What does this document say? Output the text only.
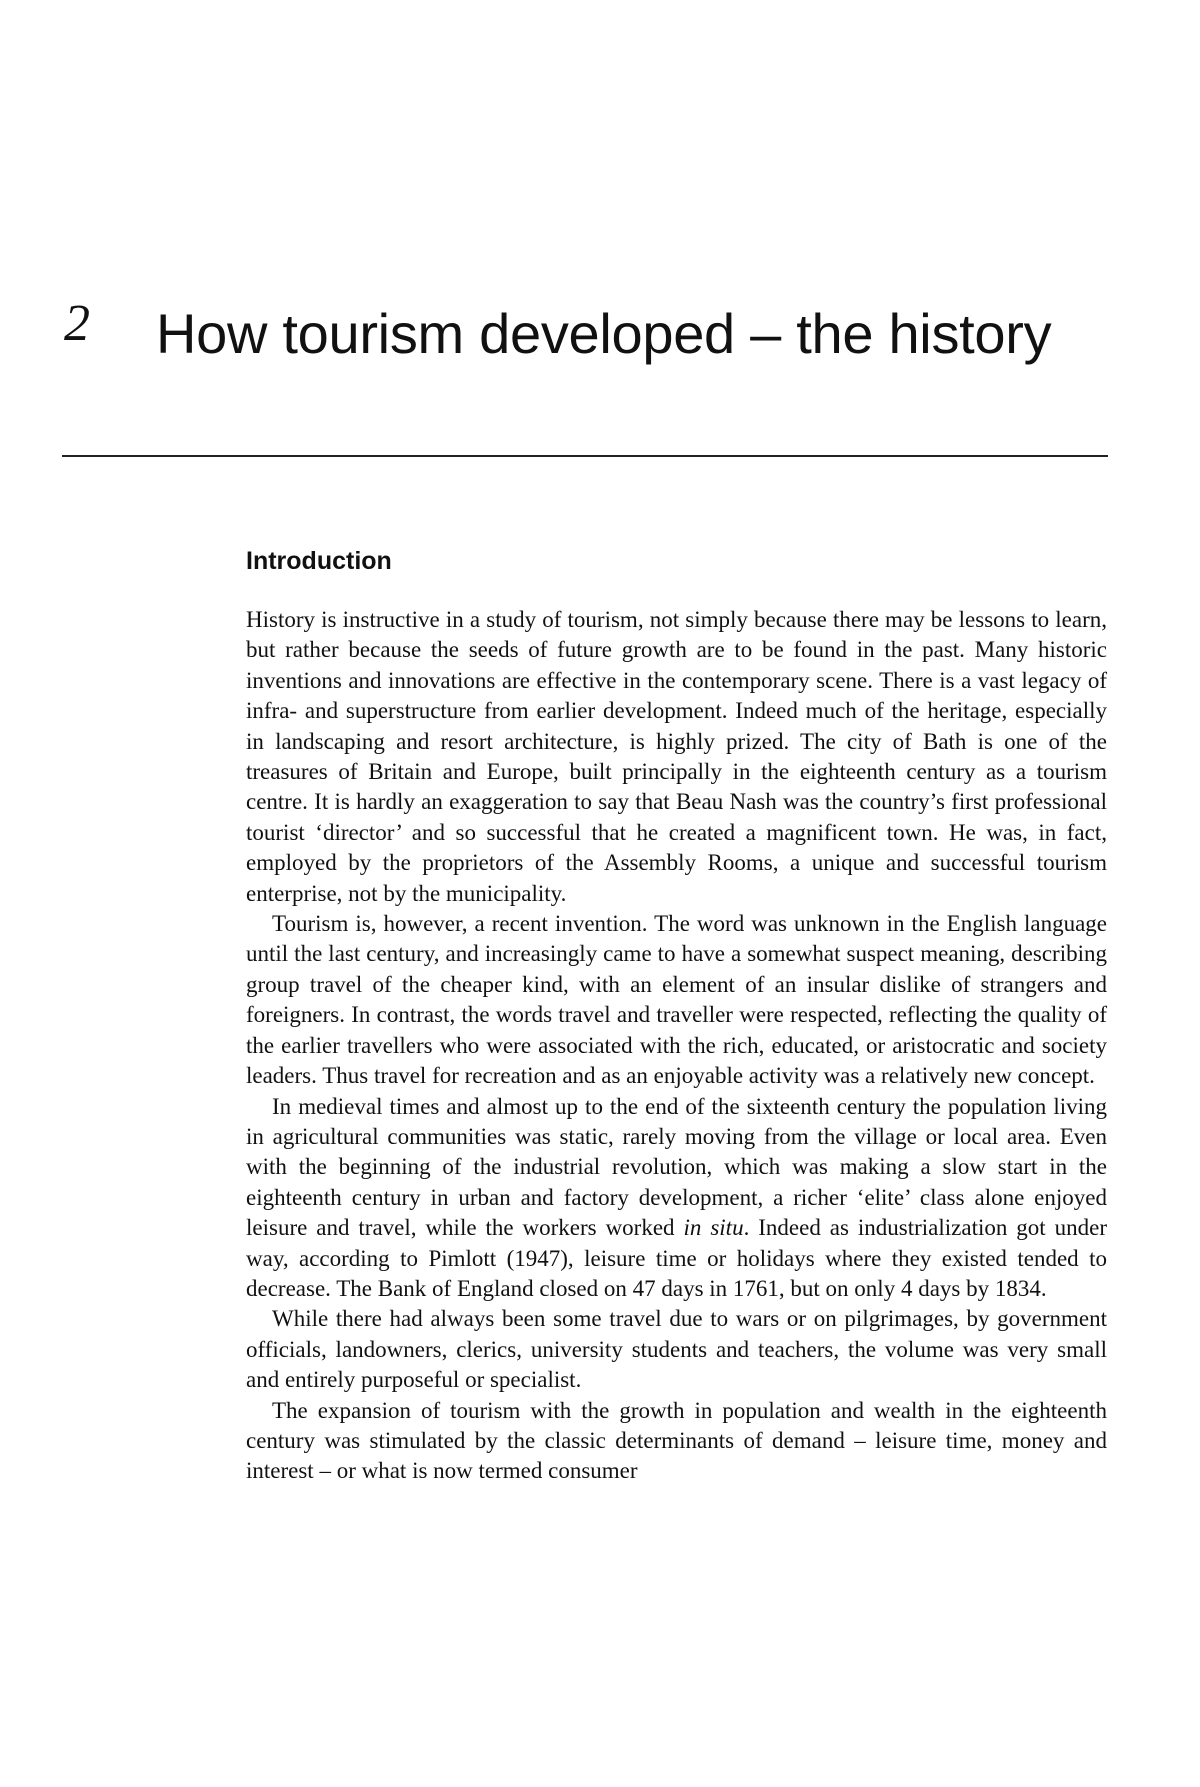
2 How tourism developed – the history
Introduction

History is instructive in a study of tourism, not simply because there may be lessons to learn, but rather because the seeds of future growth are to be found in the past. Many historic inventions and innovations are effective in the contemporary scene. There is a vast legacy of infra- and superstructure from earlier development. Indeed much of the heritage, especially in landscaping and resort architecture, is highly prized. The city of Bath is one of the treasures of Britain and Europe, built principally in the eighteenth century as a tourism centre. It is hardly an exaggeration to say that Beau Nash was the country’s first professional tourist ‘director’ and so successful that he created a magnificent town. He was, in fact, employed by the proprietors of the Assembly Rooms, a unique and successful tourism enterprise, not by the municipality.

Tourism is, however, a recent invention. The word was unknown in the English language until the last century, and increasingly came to have a somewhat suspect meaning, describing group travel of the cheaper kind, with an element of an insular dislike of strangers and foreigners. In contrast, the words travel and traveller were respected, reflecting the quality of the earlier travellers who were associated with the rich, educated, or aristocratic and society leaders. Thus travel for recreation and as an enjoyable activity was a relatively new concept.

In medieval times and almost up to the end of the sixteenth century the population living in agricultural communities was static, rarely moving from the village or local area. Even with the beginning of the industrial revolution, which was making a slow start in the eighteenth century in urban and factory development, a richer ‘elite’ class alone enjoyed leisure and travel, while the workers worked in situ. Indeed as industrialization got under way, according to Pimlott (1947), leisure time or holidays where they existed tended to decrease. The Bank of England closed on 47 days in 1761, but on only 4 days by 1834.

While there had always been some travel due to wars or on pilgrimages, by government officials, landowners, clerics, university students and teachers, the volume was very small and entirely purposeful or specialist.

The expansion of tourism with the growth in population and wealth in the eighteenth century was stimulated by the classic determinants of demand – leisure time, money and interest – or what is now termed consumer
